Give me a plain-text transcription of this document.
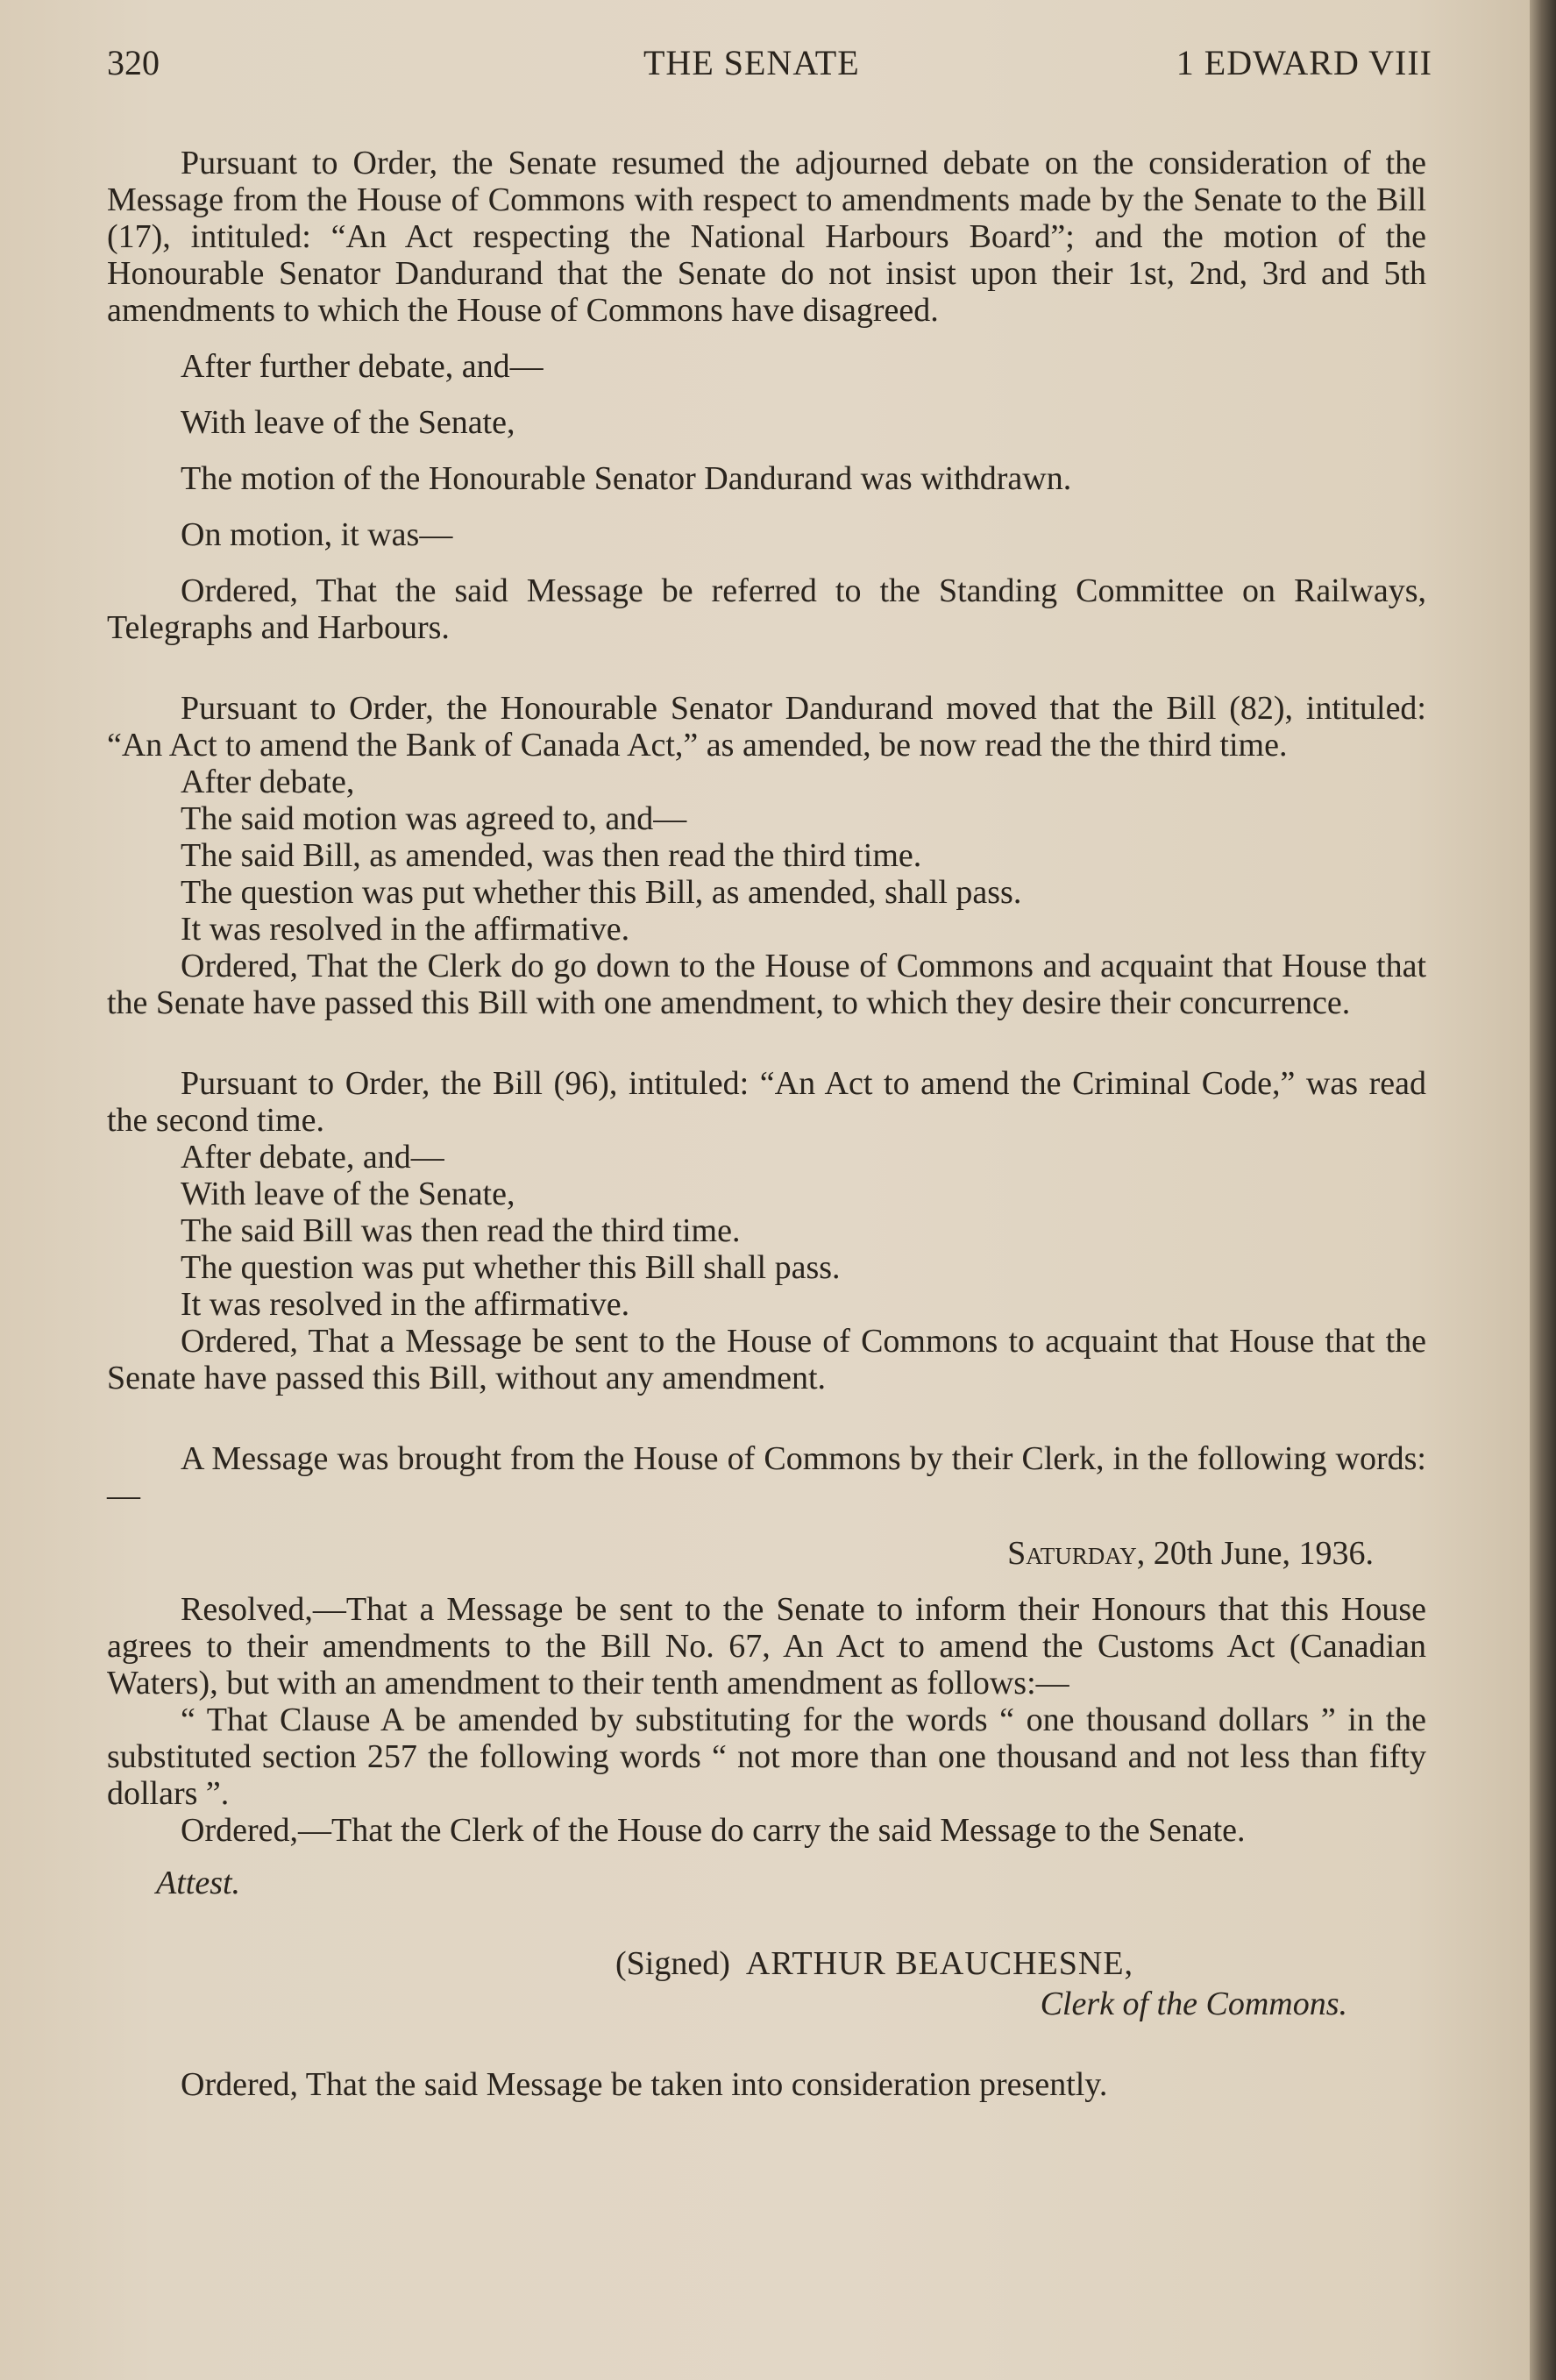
320	THE SENATE	1 EDWARD VIII

Pursuant to Order, the Senate resumed the adjourned debate on the consideration of the Message from the House of Commons with respect to amendments made by the Senate to the Bill (17), intituled: “An Act respecting the National Harbours Board”; and the motion of the Honourable Senator Dandurand that the Senate do not insist upon their 1st, 2nd, 3rd and 5th amendments to which the House of Commons have disagreed.

After further debate, and—

With leave of the Senate,

The motion of the Honourable Senator Dandurand was withdrawn.

On motion, it was—

Ordered, That the said Message be referred to the Standing Committee on Railways, Telegraphs and Harbours.

Pursuant to Order, the Honourable Senator Dandurand moved that the Bill (82), intituled: “An Act to amend the Bank of Canada Act,” as amended, be now read the the third time.

After debate,

The said motion was agreed to, and—

The said Bill, as amended, was then read the third time.

The question was put whether this Bill, as amended, shall pass.

It was resolved in the affirmative.

Ordered, That the Clerk do go down to the House of Commons and acquaint that House that the Senate have passed this Bill with one amendment, to which they desire their concurrence.

Pursuant to Order, the Bill (96), intituled: “An Act to amend the Criminal Code,” was read the second time.

After debate, and—

With leave of the Senate,

The said Bill was then read the third time.

The question was put whether this Bill shall pass.

It was resolved in the affirmative.

Ordered, That a Message be sent to the House of Commons to acquaint that House that the Senate have passed this Bill, without any amendment.

A Message was brought from the House of Commons by their Clerk, in the following words:—

Saturday, 20th June, 1936.

Resolved,—That a Message be sent to the Senate to inform their Honours that this House agrees to their amendments to the Bill No. 67, An Act to amend the Customs Act (Canadian Waters), but with an amendment to their tenth amendment as follows:—

“ That Clause A be amended by substituting for the words “ one thousand dollars ” in the substituted section 257 the following words “ not more than one thousand and not less than fifty dollars ”.

Ordered,—That the Clerk of the House do carry the said Message to the Senate.

Attest.

(Signed) ARTHUR BEAUCHESNE,

Clerk of the Commons.

Ordered, That the said Message be taken into consideration presently.
